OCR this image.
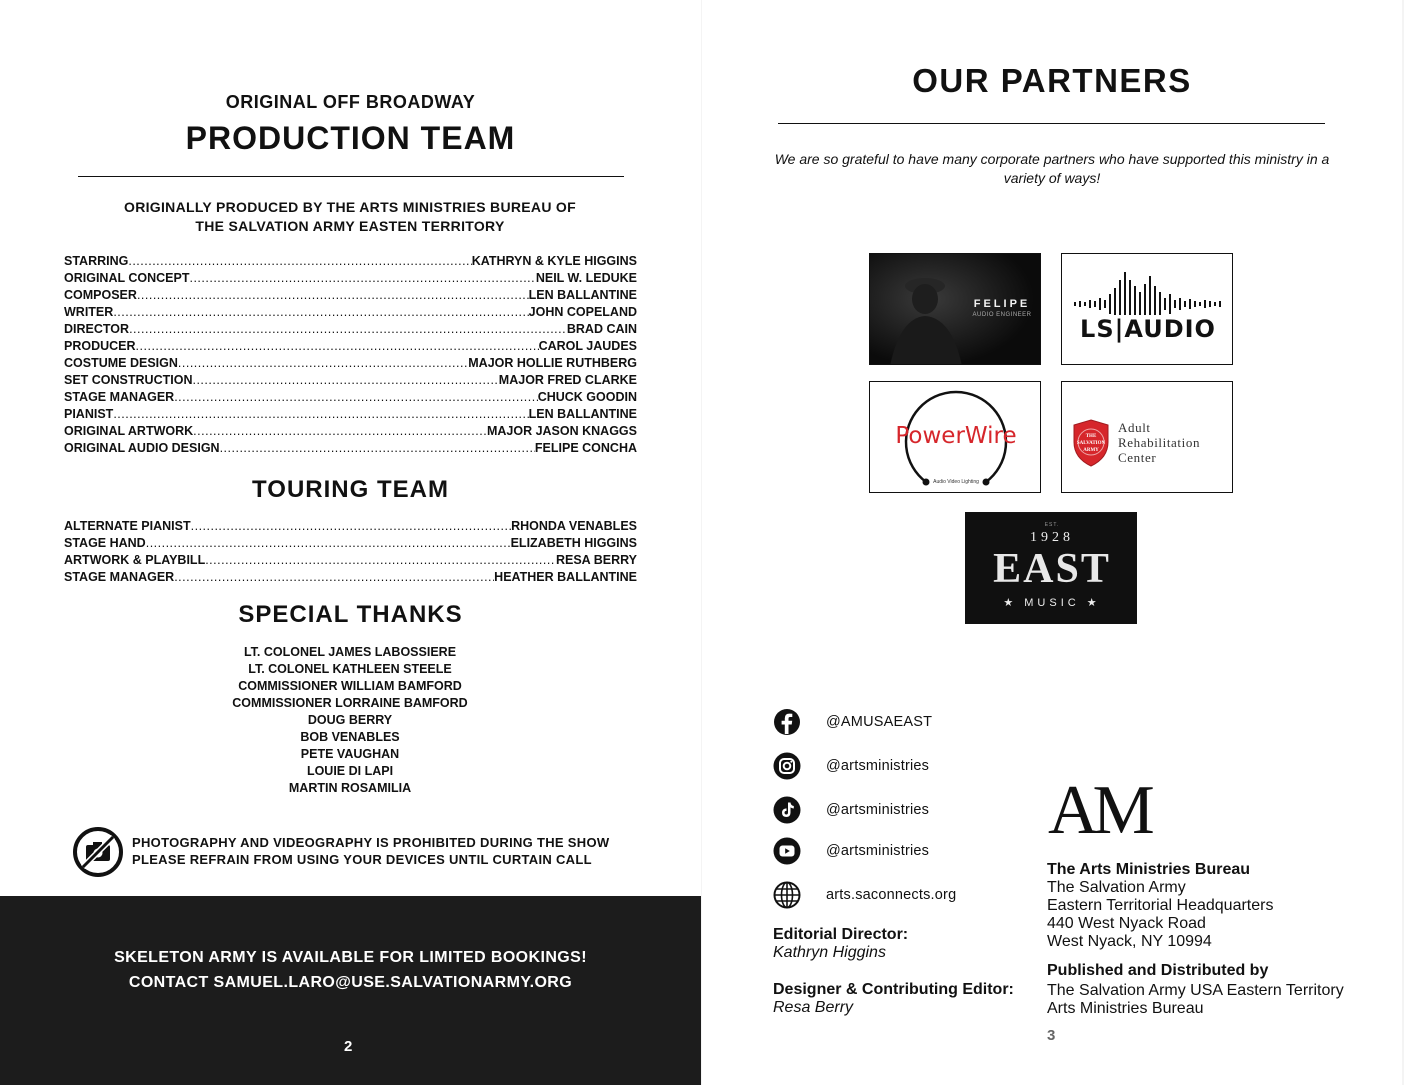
ORIGINAL OFF BROADWAY
PRODUCTION TEAM
ORIGINALLY PRODUCED BY THE ARTS MINISTRIES BUREAU OF
THE SALVATION ARMY EASTEN TERRITORY
STARRING .....	KATHRYN & KYLE HIGGINS
ORIGINAL CONCEPT .....	NEIL W. LEDUKE
COMPOSER .....	LEN BALLANTINE
WRITER .....	JOHN COPELAND
DIRECTOR .....	BRAD CAIN
PRODUCER .....	CAROL JAUDES
COSTUME DESIGN .....	MAJOR HOLLIE RUTHBERG
SET CONSTRUCTION .....	MAJOR FRED CLARKE
STAGE MANAGER .....	CHUCK GOODIN
PIANIST .....	LEN BALLANTINE
ORIGINAL ARTWORK .....	MAJOR JASON KNAGGS
ORIGINAL AUDIO DESIGN .....	FELIPE CONCHA
TOURING TEAM
ALTERNATE PIANIST .....	RHONDA VENABLES
STAGE HAND .....	ELIZABETH HIGGINS
ARTWORK & PLAYBILL .....	RESA BERRY
STAGE MANAGER .....	HEATHER BALLANTINE
SPECIAL THANKS
LT. COLONEL JAMES LABOSSIERE
LT. COLONEL KATHLEEN STEELE
COMMISSIONER WILLIAM BAMFORD
COMMISSIONER LORRAINE BAMFORD
DOUG BERRY
BOB VENABLES
PETE VAUGHAN
LOUIE DI LAPI
MARTIN ROSAMILIA
PHOTOGRAPHY AND VIDEOGRAPHY IS PROHIBITED DURING THE SHOW
PLEASE REFRAIN FROM USING YOUR DEVICES UNTIL CURTAIN CALL
SKELETON ARMY IS AVAILABLE FOR LIMITED BOOKINGS!
CONTACT SAMUEL.LARO@USE.SALVATIONARMY.ORG
2
OUR PARTNERS
We are so grateful to have many corporate partners who have supported this ministry in a variety of ways!
FELIPE
AUDIO ENGINEER	LS|AUDIO
PowerWire
Audio Video Lighting
THE
SALVATION
ARMY
Adult
Rehabilitation
Center
EST.
1928
EAST
★ MUSIC ★
@AMUSAEAST
@artsministries
@artsministries
@artsministries
arts.saconnects.org
Editorial Director:
Kathryn Higgins
Designer & Contributing Editor:
Resa Berry
AM
The Arts Ministries Bureau
The Salvation Army
Eastern Territorial Headquarters
440 West Nyack Road
West Nyack, NY 10994
Published and Distributed by
The Salvation Army USA Eastern Territory
Arts Ministries Bureau
3
